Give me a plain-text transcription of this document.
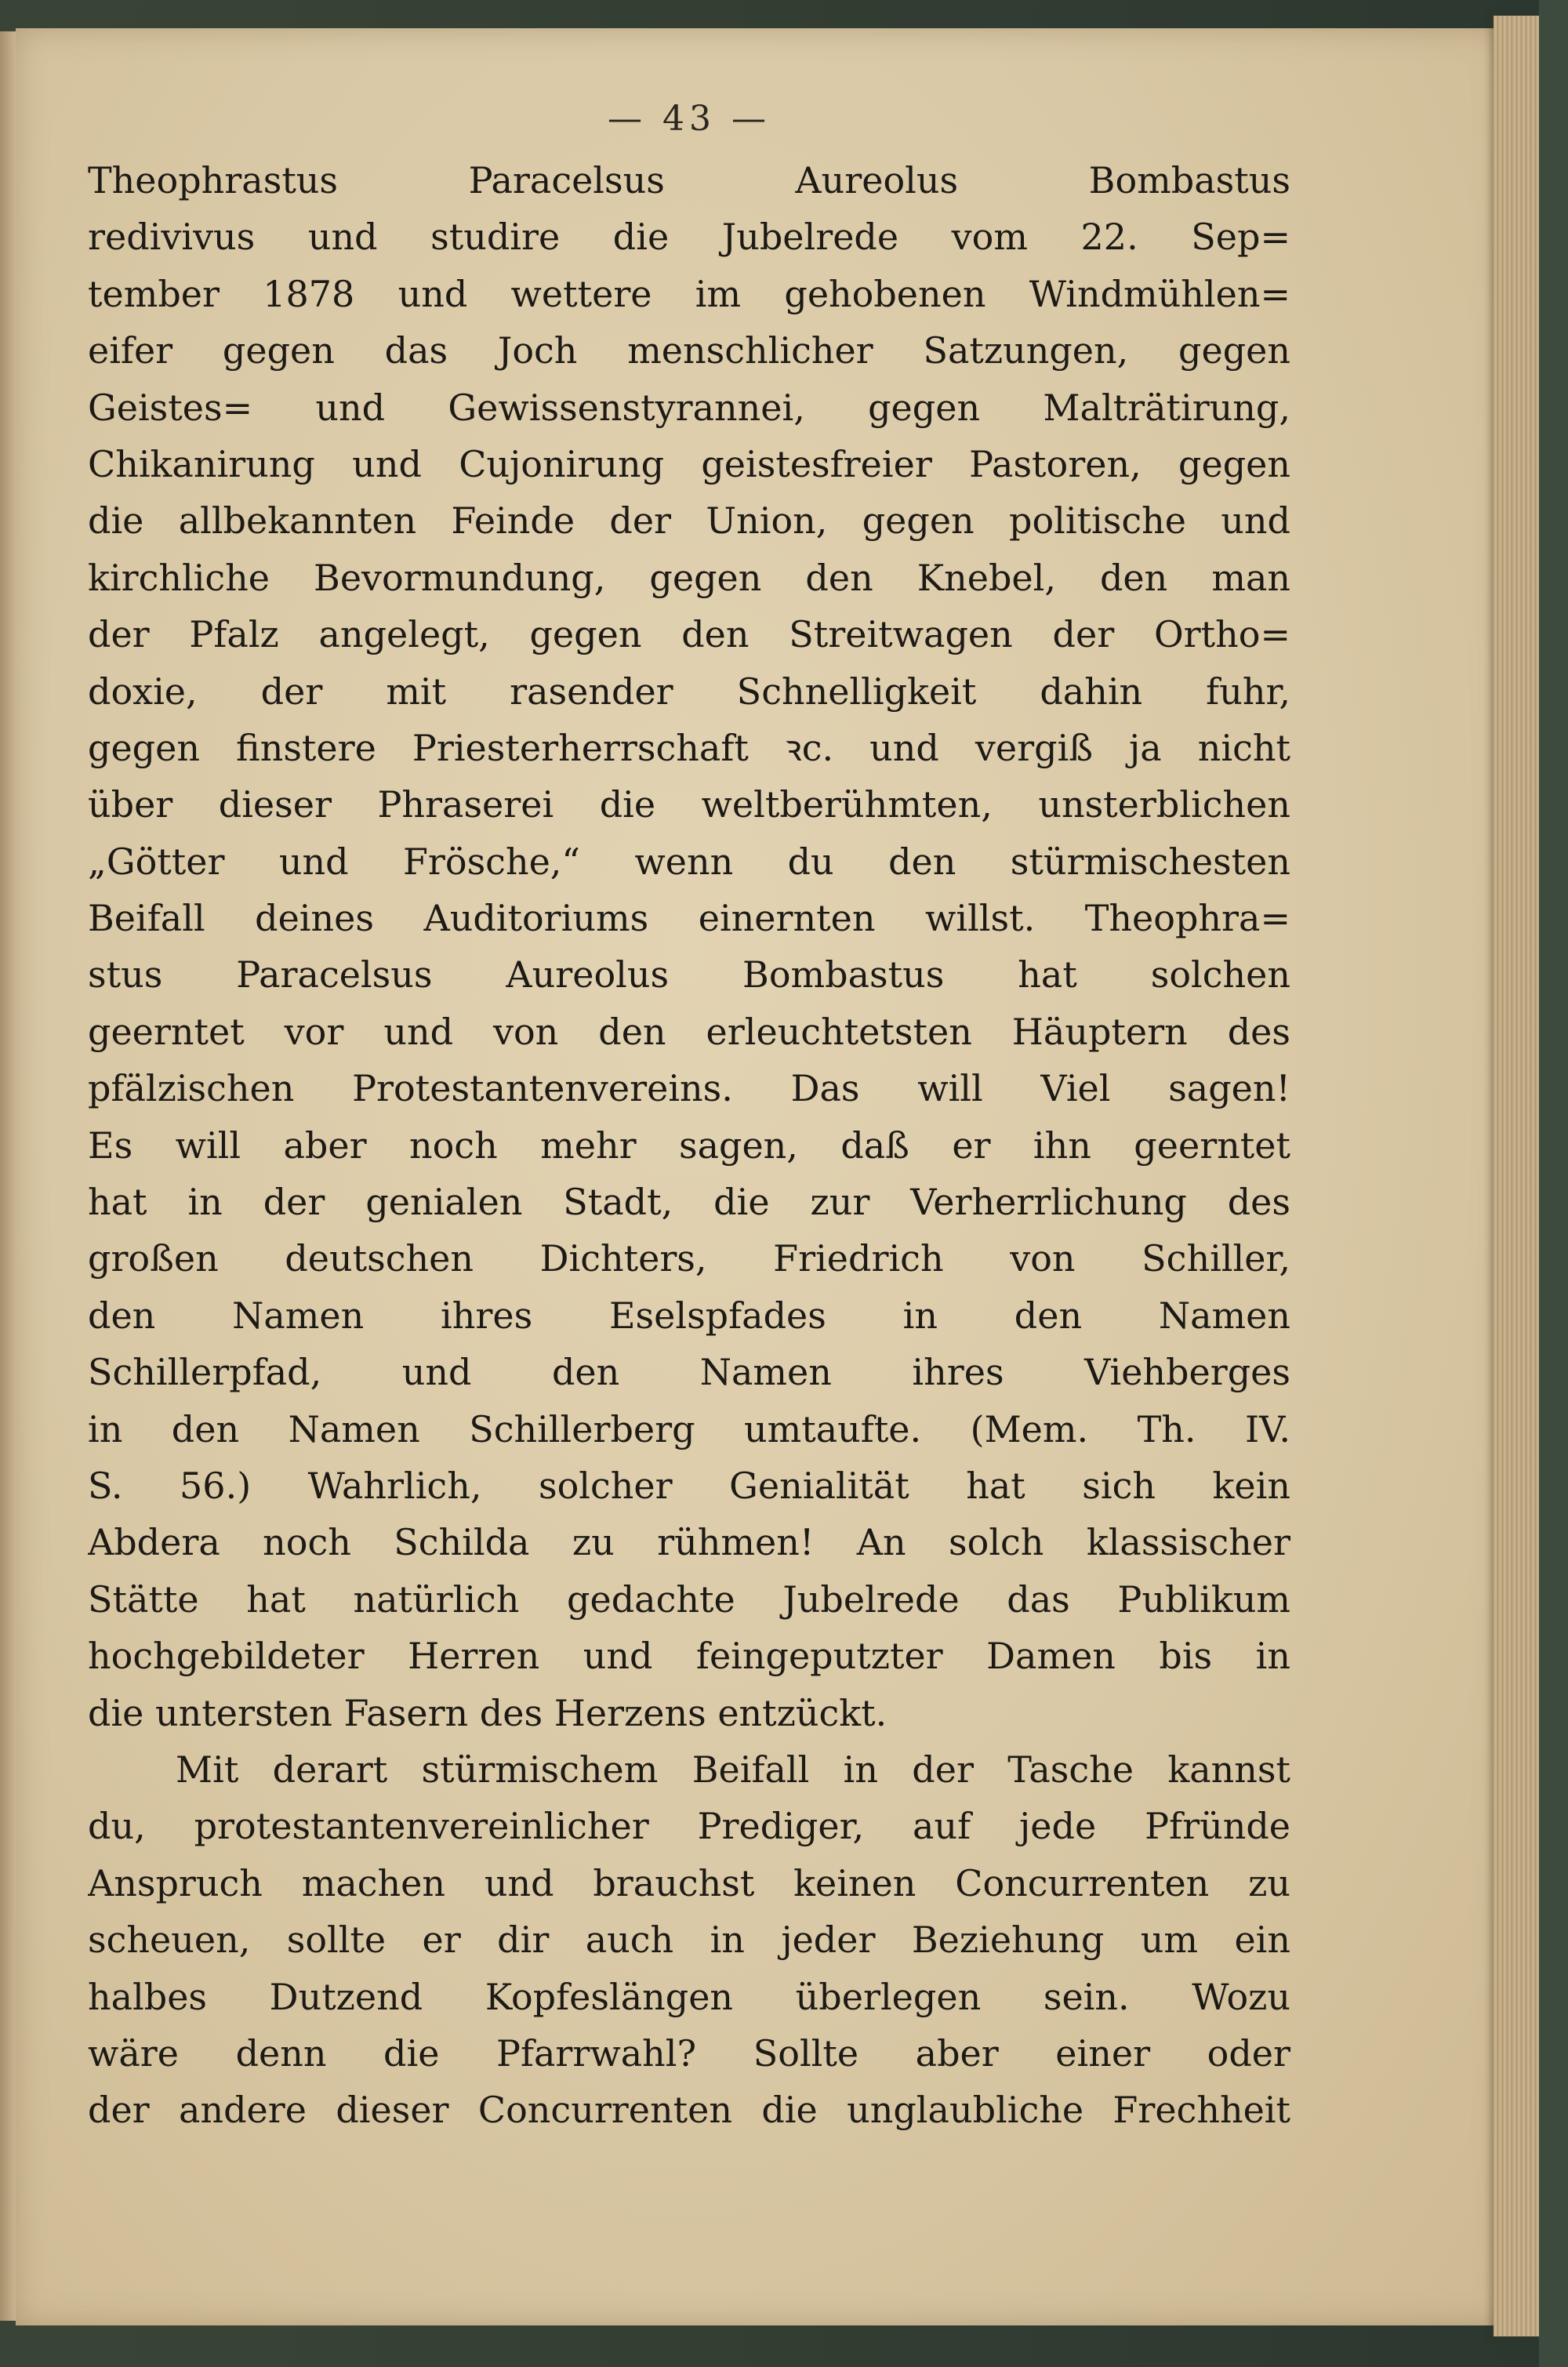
— 43 —
Theophrastus Paracelsus Aureolus Bombastus
redivivus und studire die Jubelrede vom 22. Sep=
tember 1878 und wettere im gehobenen Windmühlen=
eifer gegen das Joch menschlicher Satzungen, gegen
Geistes= und Gewissenstyrannei, gegen Malträtirung,
Chikanirung und Cujonirung geistesfreier Pastoren, gegen
die allbekannten Feinde der Union, gegen politische und
kirchliche Bevormundung, gegen den Knebel, den man
der Pfalz angelegt, gegen den Streitwagen der Ortho=
doxie, der mit rasender Schnelligkeit dahin fuhr,
gegen finstere Priesterherrschaft ꝛc. und vergiß ja nicht
über dieser Phraserei die weltberühmten, unsterblichen
„Götter und Frösche,“ wenn du den stürmischesten
Beifall deines Auditoriums einernten willst. Theophra=
stus Paracelsus Aureolus Bombastus hat solchen
geerntet vor und von den erleuchtetsten Häuptern des
pfälzischen Protestantenvereins. Das will Viel sagen!
Es will aber noch mehr sagen, daß er ihn geerntet
hat in der genialen Stadt, die zur Verherrlichung des
großen deutschen Dichters, Friedrich von Schiller,
den Namen ihres Eselspfades in den Namen
Schillerpfad, und den Namen ihres Viehberges
in den Namen Schillerberg umtaufte. (Mem. Th. IV.
S. 56.) Wahrlich, solcher Genialität hat sich kein
Abdera noch Schilda zu rühmen! An solch klassischer
Stätte hat natürlich gedachte Jubelrede das Publikum
hochgebildeter Herren und feingeputzter Damen bis in
die untersten Fasern des Herzens entzückt.
Mit derart stürmischem Beifall in der Tasche kannst
du, protestantenvereinlicher Prediger, auf jede Pfründe
Anspruch machen und brauchst keinen Concurrenten zu
scheuen, sollte er dir auch in jeder Beziehung um ein
halbes Dutzend Kopfeslängen überlegen sein. Wozu
wäre denn die Pfarrwahl? Sollte aber einer oder
der andere dieser Concurrenten die unglaubliche Frechheit
